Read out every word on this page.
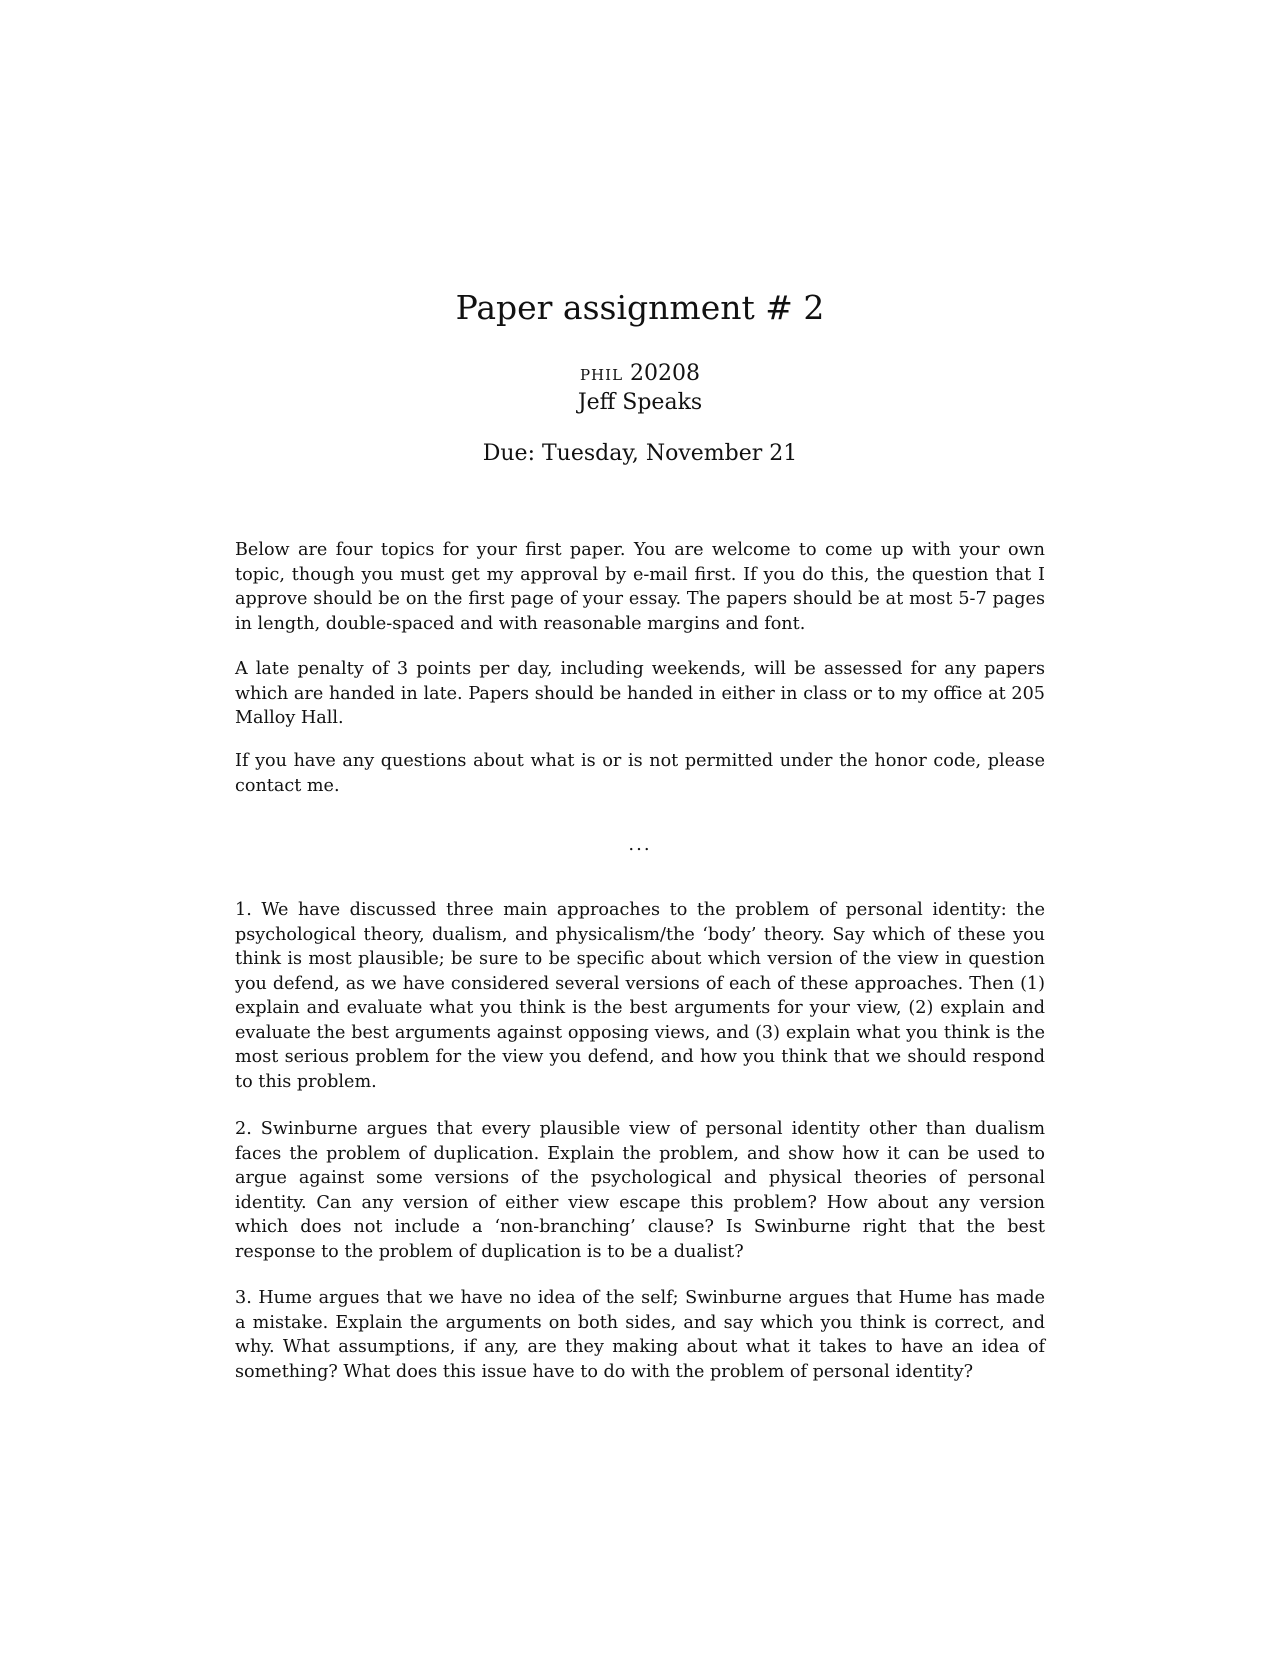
Paper assignment # 2
phil 20208
Jeff Speaks
Due: Tuesday, November 21

Below are four topics for your first paper. You are welcome to come up with your own topic, though you must get my approval by e-mail first. If you do this, the question that I approve should be on the first page of your essay. The papers should be at most 5-7 pages in length, double-spaced and with reasonable margins and font.

A late penalty of 3 points per day, including weekends, will be assessed for any papers which are handed in late. Papers should be handed in either in class or to my office at 205 Malloy Hall.

If you have any questions about what is or is not permitted under the honor code, please contact me.

...

1. We have discussed three main approaches to the problem of personal identity: the psychological theory, dualism, and physicalism/the ‘body’ theory. Say which of these you think is most plausible; be sure to be specific about which version of the view in question you defend, as we have considered several versions of each of these approaches. Then (1) explain and evaluate what you think is the best arguments for your view, (2) explain and evaluate the best arguments against opposing views, and (3) explain what you think is the most serious problem for the view you defend, and how you think that we should respond to this problem.

2. Swinburne argues that every plausible view of personal identity other than dualism faces the problem of duplication. Explain the problem, and show how it can be used to argue against some versions of the psychological and physical theories of personal identity. Can any version of either view escape this problem? How about any version which does not include a ‘non-branching’ clause? Is Swinburne right that the best response to the problem of duplication is to be a dualist?

3. Hume argues that we have no idea of the self; Swinburne argues that Hume has made a mistake. Explain the arguments on both sides, and say which you think is correct, and why. What assumptions, if any, are they making about what it takes to have an idea of something? What does this issue have to do with the problem of personal identity?
